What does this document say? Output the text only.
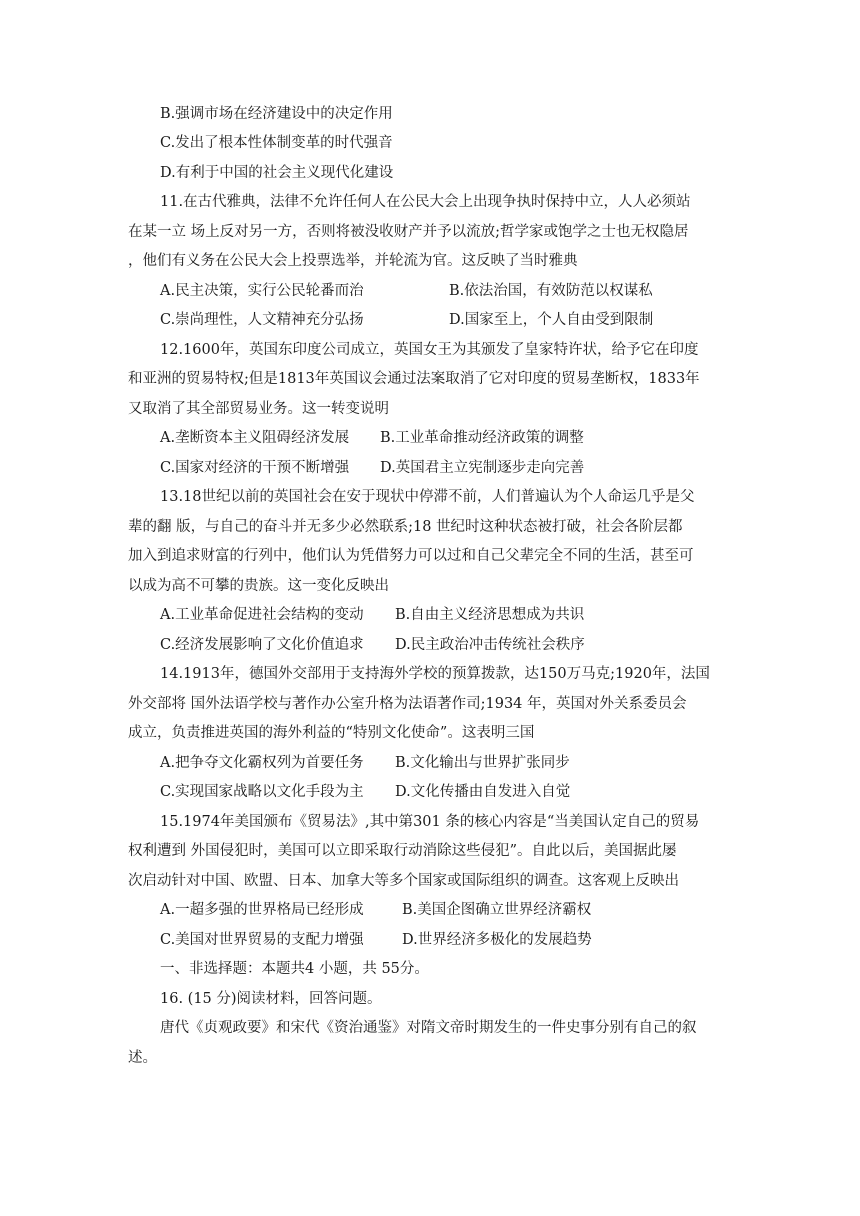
B.强调市场在经济建设中的决定作用
C.发出了根本性体制变革的时代强音
D.有利于中国的社会主义现代化建设
11.在古代雅典，法律不允许任何人在公民大会上出现争执时保持中立，人人必须站
在某一立 场上反对另一方，否则将被没收财产并予以流放;哲学家或饱学之士也无权隐居
，他们有义务在公民大会上投票选举，并轮流为官。这反映了当时雅典
A.民主决策，实行公民轮番而治	B.依法治国，有效防范以权谋私
C.崇尚理性，人文精神充分弘扬	D.国家至上，个人自由受到限制
12.1600年，英国东印度公司成立，英国女王为其颁发了皇家特许状，给予它在印度
和亚洲的贸易特权;但是1813年英国议会通过法案取消了它对印度的贸易垄断权，1833年
又取消了其全部贸易业务。这一转变说明
A.垄断资本主义阻碍经济发展 B.工业革命推动经济政策的调整
C.国家对经济的干预不断增强 D.英国君主立宪制逐步走向完善
13.18世纪以前的英国社会在安于现状中停滞不前，人们普遍认为个人命运几乎是父
辈的翻 版，与自己的奋斗并无多少必然联系;18 世纪时这种状态被打破，社会各阶层都
加入到追求财富的行列中，他们认为凭借努力可以过和自己父辈完全不同的生活，甚至可
以成为高不可攀的贵族。这一变化反映出
A.工业革命促进社会结构的变动 B.自由主义经济思想成为共识
C.经济发展影响了文化价值追求 D.民主政治冲击传统社会秩序
14.1913年，德国外交部用于支持海外学校的预算拨款，达150万马克;1920年，法国
外交部将 国外法语学校与著作办公室升格为法语著作司;1934 年，英国对外关系委员会
成立，负责推进英国的海外利益的“特别文化使命”。这表明三国
A.把争夺文化霸权列为首要任务 B.文化输出与世界扩张同步
C.实现国家战略以文化手段为主 D.文化传播由自发进入自觉
15.1974年美国颁布《贸易法》,其中第301 条的核心内容是“当美国认定自己的贸易
权利遭到 外国侵犯时，美国可以立即采取行动消除这些侵犯”。自此以后，美国据此屡
次启动针对中国、欧盟、日本、加拿大等多个国家或国际组织的调查。这客观上反映出
A.一超多强的世界格局已经形成	B.美国企图确立世界经济霸权
C.美国对世界贸易的支配力增强	D.世界经济多极化的发展趋势
一、非选择题：本题共4 小题，共 55分。
16. (15 分)阅读材料，回答问题。
唐代《贞观政要》和宋代《资治通鉴》对隋文帝时期发生的一件史事分别有自己的叙
述。
